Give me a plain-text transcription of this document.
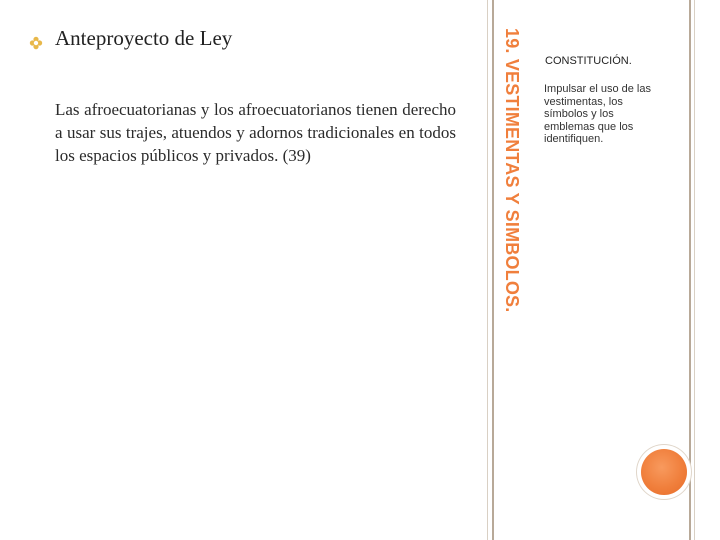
Anteproyecto de Ley
Las afroecuatorianas y los afroecuatorianos tienen derecho a usar sus trajes, atuendos y adornos tradicionales en todos los espacios públicos y privados. (39)	19. VESTIMENTAS Y SIMBOLOS.	CONSTITUCIÓN.
Impulsar el uso de las vestimentas, los símbolos y los emblemas que los identifiquen.
